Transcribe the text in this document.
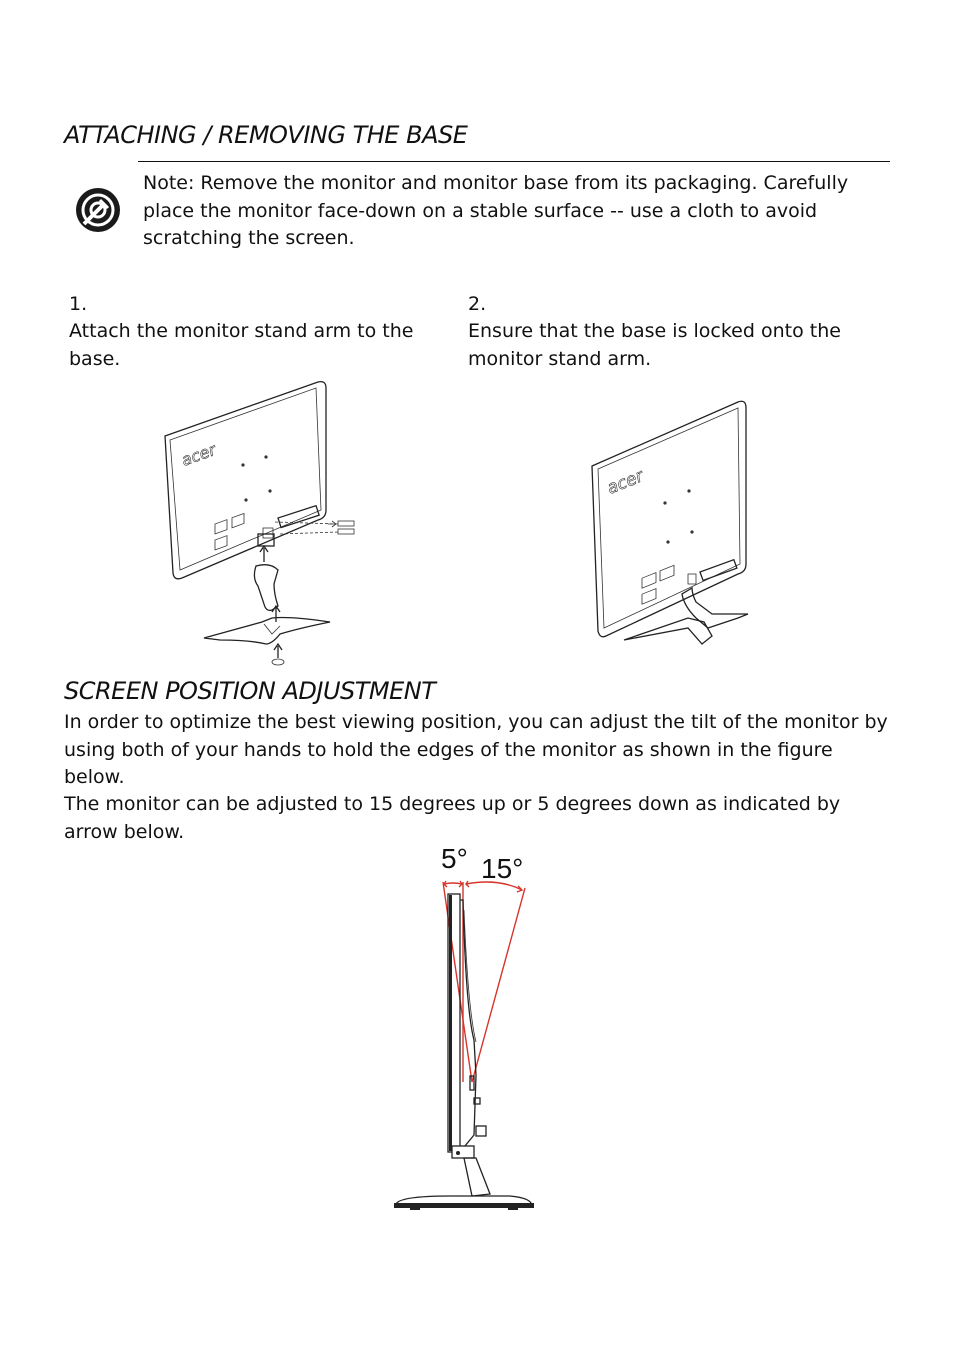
ATTACHING / REMOVING THE BASE
Note: Remove the monitor and monitor base from its packaging. Carefully place the monitor face-down on a stable surface -- use a cloth to avoid scratching the screen.
1.
Attach the monitor stand arm to the base.
2.
Ensure that the base is locked onto the monitor stand arm.
acer
acer
SCREEN POSITION ADJUSTMENT
In order to optimize the best viewing position, you can adjust the tilt of the monitor by using both of your hands to hold the edges of the monitor as shown in the figure below.
The monitor can be adjusted to 15 degrees up or 5 degrees down as indicated by arrow below.
5° 15°
